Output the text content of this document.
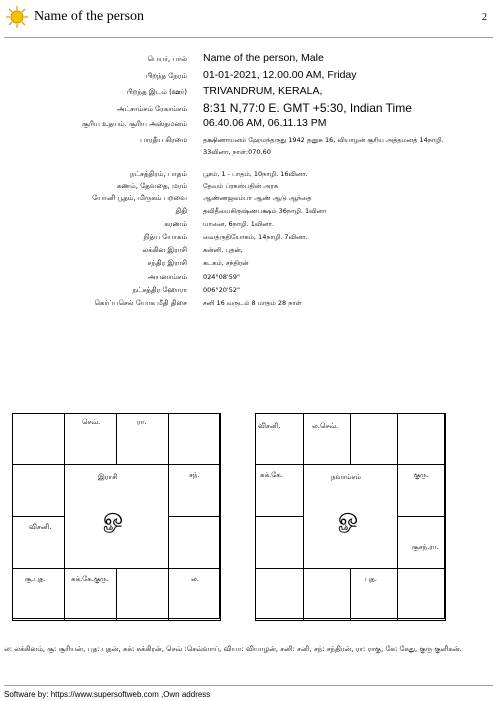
Name of the person	2
பெயர், பால் Name of the person, Male
பிறந்த நேரம் 01-01-2021, 12.00.00 AM, Friday
பிறந்த இடம் (ஊர்) TRIVANDRUM, KERALA,
அட்சாம்சம் ரேகாம்சம் 8:31 N,77:0 E. GMT +5:30, Indian Time
சூரிய உதயம். சூரிய அஸ்தமனம் 06.40.06 AM, 06.11.13 PM
பாரதீய கிரமை தக்ஷிணாயனம் ஹேமந்தருது 1942 தனுசு 16, வியாழன் சூரிய அத்தமனத் 14நாழி.
33வினா, நாள்:070.60
நட்சத்திரம், பாதம் பூசம், 1 - பாதம், 10நாழி. 16வினா.
கணம், தேவதை, மரம் தேவம் ப்ரகஸ்பதின் அரசு
யோனி பூதம், மிருகம் பறவை ஆண்ணஜலம்பா ஆண் ஆடு ஆந்தை
திதி தவிதீயைகிருஷ்ணபக்ஷம் 36நாழி. 1வினா
கரணம் யானை, 6நாழி. 1வினா.
நித்ய யோகம் வைத்ருதியோகம், 14நாழி. 7வினா.
லக்கின இராசி கன்னி, புதன்,
சந்திர இராசி கடகம், சந்திரன்
அயனாம்சம் 024°08'59"
நட்சத்திர ஹோரா 006°20'52"
கெர்ப்பசெல் யோக மீதி திசை சனி 16 வருடம் 8 மாதம் 28 நாள்
செவ்.	ரா.
சந்.
விசனி.
இராசி
ௐ
சூ.புத.	சுக்.கே.குரு.	ல.
விசனி.	ல.செவ்.
சுக்.கே.	குரு.
சூசந்.ரா.
நவாம்சம்
ௐ
புத.
ல: லக்கினம், சூ: சூரியன், புத: புதன், சுக்: சுக்கிரன், செவ் :செவ்வாய், வியா: வியாழன், சனி: சனி, சந்: சந்திரன், ரா: ராகு, கே: கேது, குரு குளிகன்.
Software by: https://www.supersoftweb.com ,Own address
